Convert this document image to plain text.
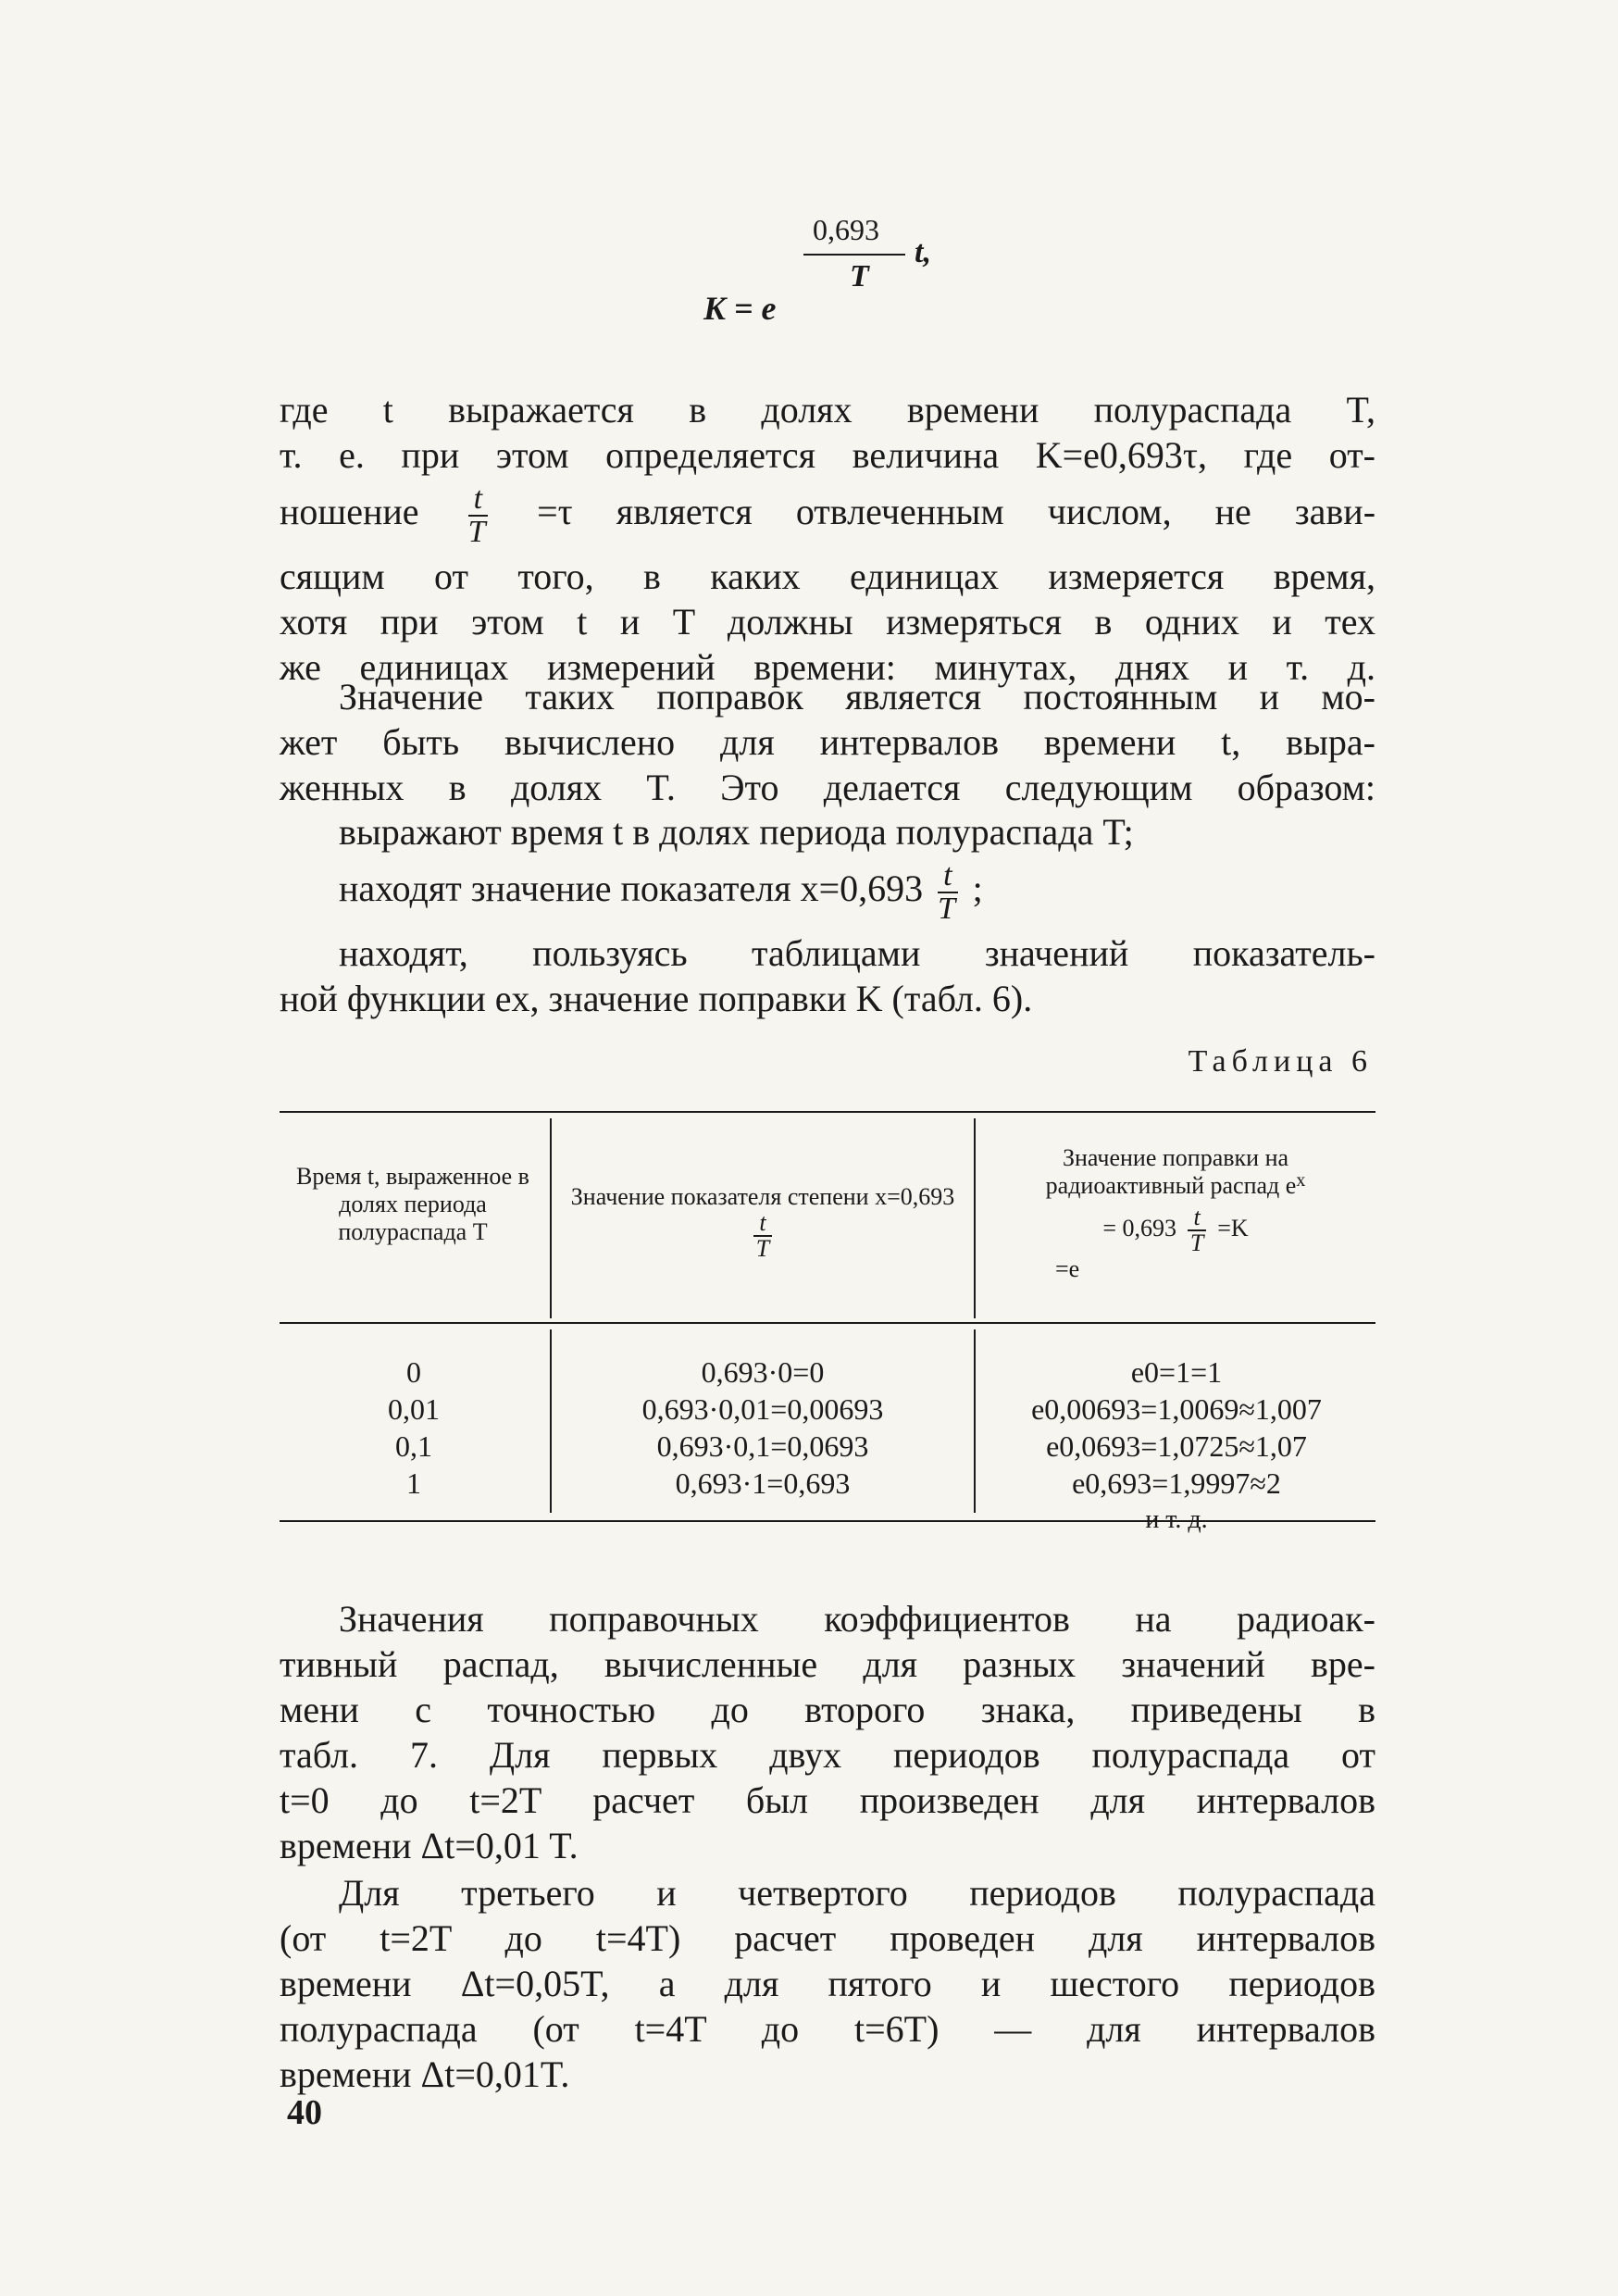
0,693
T
t,
K = e
где t выражается в долях времени полураспада T,
т. е. при этом определяется величина K=e0,693τ, где от-
ношение $\frac{t}{T} =\tau$ является отвлеченным числом, не зави-
сящим от того, в каких единицах измеряется время,
хотя при этом t и T должны измеряться в одних и тех
же единицах измерений времени: минутах, днях и т. д.
Значение таких поправок является постоянным и мо-
жет быть вычислено для интервалов времени t, выра-
женных в долях T. Это делается следующим образом:
выражают время t в долях периода полураспада T;
находят значение показателя $x=0,693 \frac{t}{T}$ ;
находят, пользуясь таблицами значений показатель-
ной функции ex, значение поправки K (табл. 6).
Таблица 6
Время t, выраженное в долях периода полураспада T
Значение показателя степени x=0,693
$\frac{t}{T}$
Значение поправки на радиоактивный распад $e^x$
= $0,693 \frac{t}{T} =K$
=e
0
0,01
0,1
1
0,693·0=0
0,693·0,01=0,00693
0,693·0,1=0,0693
0,693·1=0,693
e0=1=1
e0,00693=1,0069≈1,007
e0,0693=1,0725≈1,07
e0,693=1,9997≈2
и т. д.
Значения поправочных коэффициентов на радиоак-
тивный распад, вычисленные для разных значений вре-
мени с точностью до второго знака, приведены в
табл. 7. Для первых двух периодов полураспада от
t=0 до t=2T расчет был произведен для интервалов
времени Δt=0,01 T.
Для третьего и четвертого периодов полураспада
(от t=2T до t=4T) расчет проведен для интервалов
времени Δt=0,05T, а для пятого и шестого периодов
полураспада (от t=4T до t=6T) — для интервалов
времени Δt=0,01T.
40
